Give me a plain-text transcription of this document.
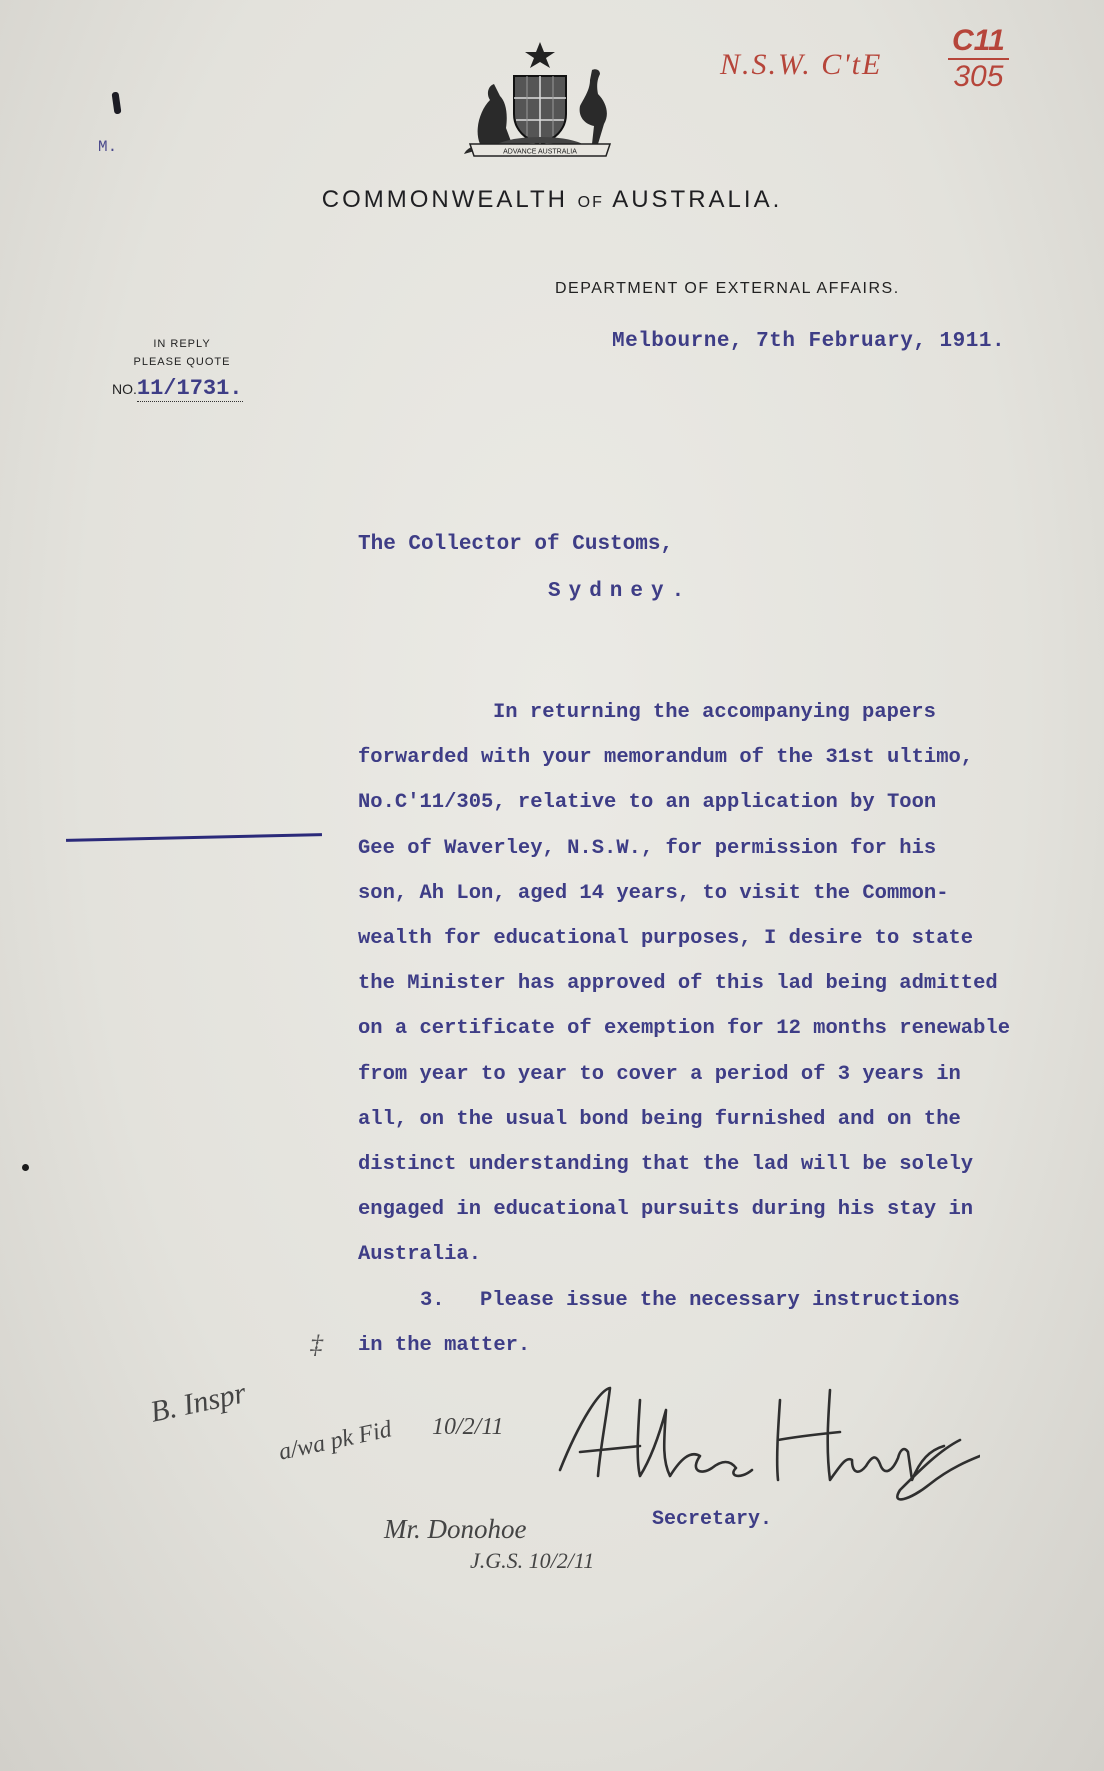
M.	ADVANCE AUSTRALIA
N.S.W. $C'tE \frac{C11}{305}$
COMMONWEALTH OF AUSTRALIA.
DEPARTMENT OF EXTERNAL AFFAIRS.
IN REPLY
PLEASE QUOTE
NO.11/1731.
Melbourne, 7th February, 1911.
The Collector of Customs,
Sydney.
In returning the accompanying papers
forwarded with your memorandum of the 31st ultimo,
No.C'11/305, relative to an application by Toon
Gee of Waverley, N.S.W., for permission for his
son, Ah Lon, aged 14 years, to visit the Common-
wealth for educational purposes, I desire to state
the Minister has approved of this lad being admitted
on a certificate of exemption for 12 months renewable
from year to year to cover a period of 3 years in
all, on the usual bond being furnished and on the
distinct understanding that the lad will be solely
engaged in educational pursuits during his stay in
Australia.
3. Please issue the necessary instructions
in the matter.
Secretary.
‡
B. Inspr
a/wa pk Fid 10/2/11
Mr. Donohoe
J.G.S. 10/2/11
